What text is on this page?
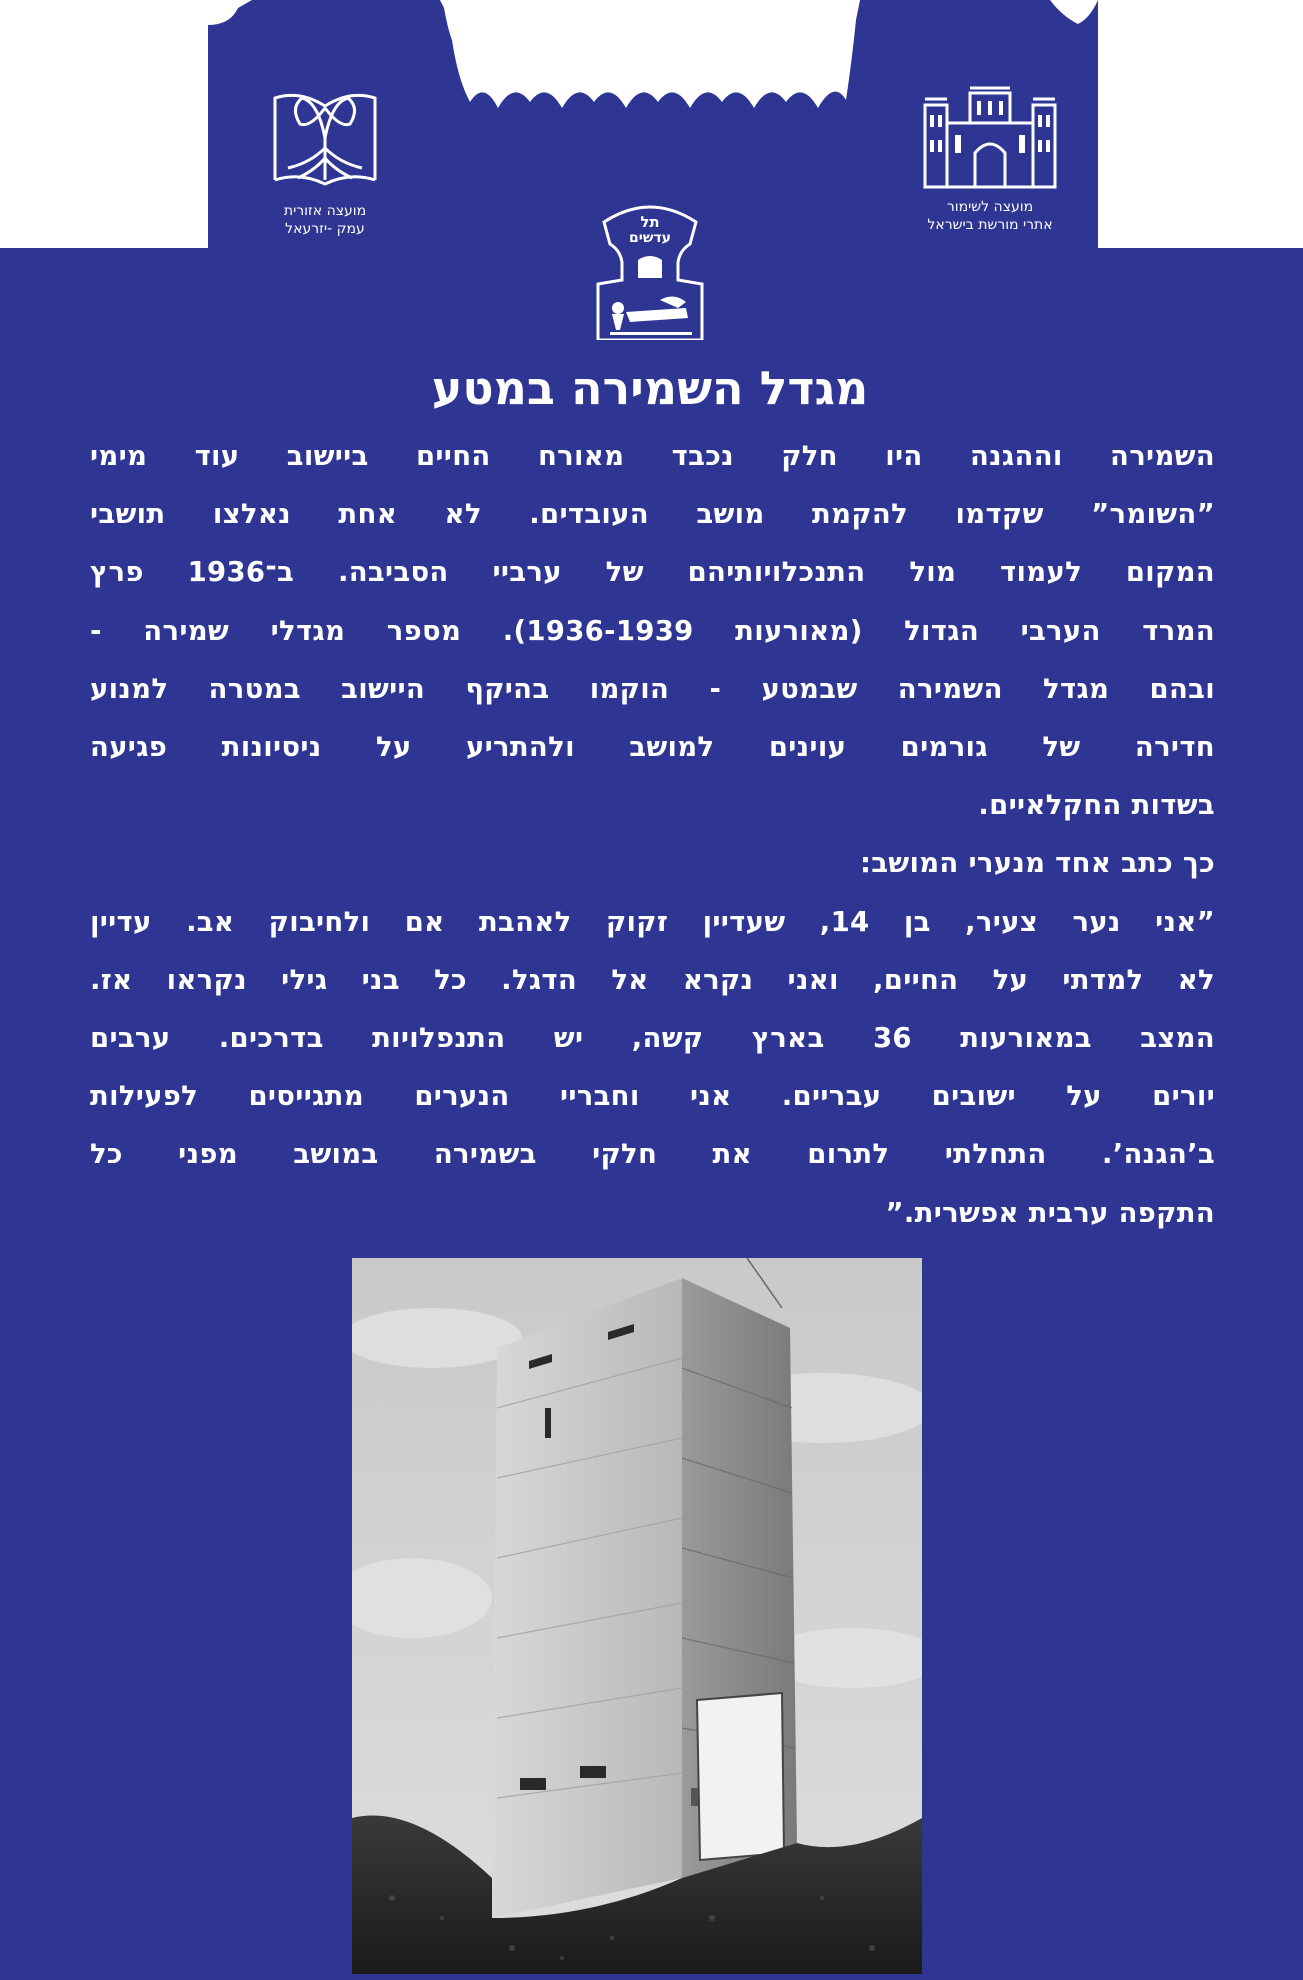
מועצה לשימור
אתרי מורשת בישראל
מועצה אזורית
עמק -יזרעאל	תל
עדשים
מגדל השמירה במטע
השמירה וההגנה היו חלק נכבד מאורח החיים ביישוב עוד מימי
”השומר” שקדמו להקמת מושב העובדים. לא אחת נאלצו תושבי
המקום לעמוד מול התנכלויותיהם של ערביי הסביבה. ב־1936 פרץ
המרד הערבי הגדול (מאורעות 1936-1939). מספר מגדלי שמירה -
ובהם מגדל השמירה שבמטע - הוקמו בהיקף היישוב במטרה למנוע
חדירה של גורמים עוינים למושב ולהתריע על ניסיונות פגיעה
בשדות החקלאיים.
כך כתב אחד מנערי המושב:
”אני נער צעיר, בן 14, שעדיין זקוק לאהבת אם ולחיבוק אב. עדיין
לא למדתי על החיים, ואני נקרא אל הדגל. כל בני גילי נקראו אז.
המצב במאורעות 36 בארץ קשה, יש התנפלויות בדרכים. ערבים
יורים על ישובים עבריים. אני וחבריי הנערים מתגייסים לפעילות
ב’הגנה’. התחלתי לתרום את חלקי בשמירה במושב מפני כל
התקפה ערבית אפשרית.”
